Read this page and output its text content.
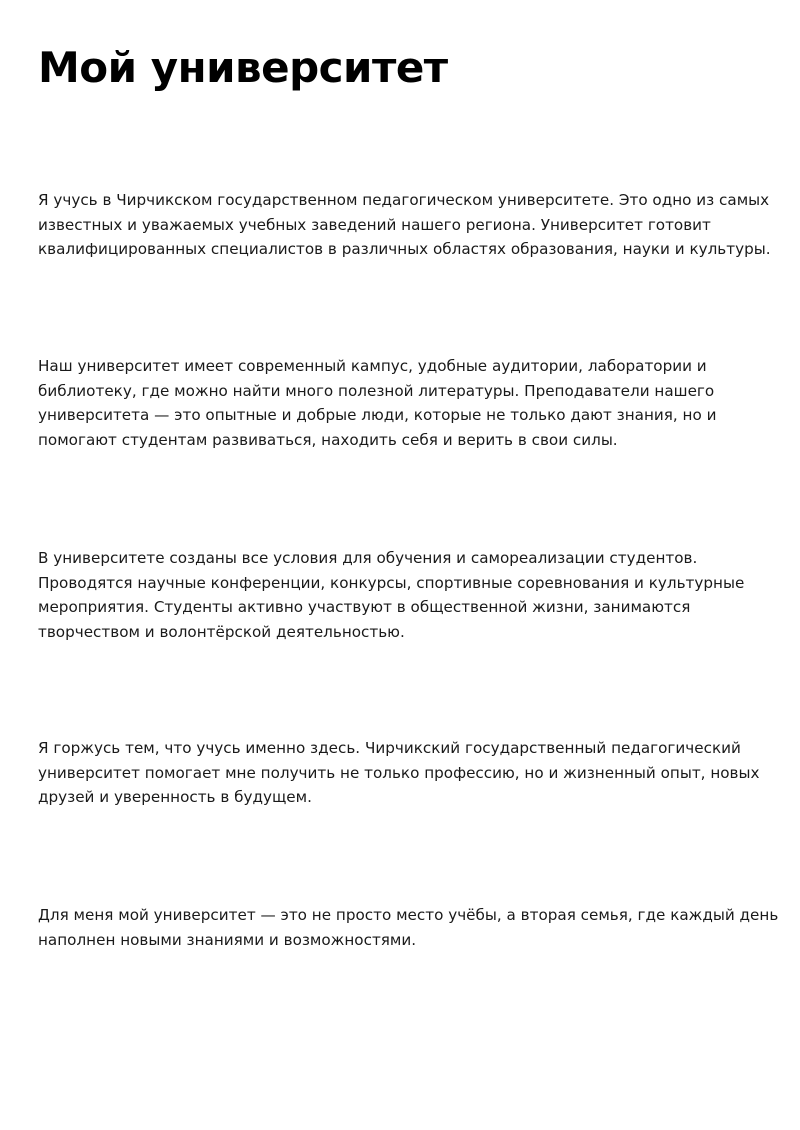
Мой университет

Я учусь в Чирчикском государственном педагогическом университете. Это одно из самых
известных и уважаемых учебных заведений нашего региона. Университет готовит
квалифицированных специалистов в различных областях образования, науки и культуры.

Наш университет имеет современный кампус, удобные аудитории, лаборатории и
библиотеку, где можно найти много полезной литературы. Преподаватели нашего
университета — это опытные и добрые люди, которые не только дают знания, но и
помогают студентам развиваться, находить себя и верить в свои силы.

В университете созданы все условия для обучения и самореализации студентов.
Проводятся научные конференции, конкурсы, спортивные соревнования и культурные
мероприятия. Студенты активно участвуют в общественной жизни, занимаются
творчеством и волонтёрской деятельностью.

Я горжусь тем, что учусь именно здесь. Чирчикский государственный педагогический
университет помогает мне получить не только профессию, но и жизненный опыт, новых
друзей и уверенность в будущем.

Для меня мой университет — это не просто место учёбы, а вторая семья, где каждый день
наполнен новыми знаниями и возможностями.
